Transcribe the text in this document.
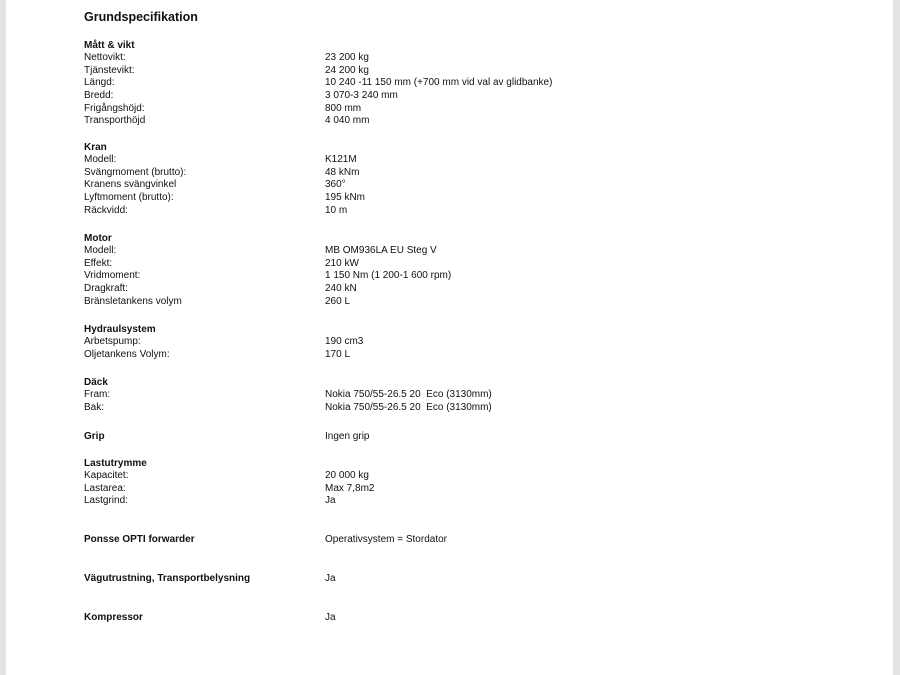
Grundspecifikation
Mått & vikt
Nettovikt:	23 200 kg
Tjänstevikt:	24 200 kg
Längd:	10 240 -11 150 mm (+700 mm vid val av glidbanke)
Bredd:	3 070-3 240 mm
Frigångshöjd:	800 mm
Transporthöjd	4 040 mm
Kran
Modell:	K121M
Svängmoment (brutto):	48 kNm
Kranens svängvinkel	360°
Lyftmoment (brutto):	195 kNm
Räckvidd:	10 m
Motor
Modell:	MB OM936LA EU Steg V
Effekt:	210 kW
Vridmoment:	1 150 Nm (1 200-1 600 rpm)
Dragkraft:	240 kN
Bränsletankens volym	260 L
Hydraulsystem
Arbetspump:	190 cm3
Oljetankens Volym:	170 L
Däck
Fram:	Nokia 750/55-26.5 20  Eco (3130mm)
Bak:	Nokia 750/55-26.5 20  Eco (3130mm)
Grip	Ingen grip
Lastutrymme
Kapacitet:	20 000 kg
Lastarea:	Max 7,8m2
Lastgrind:	Ja
Ponsse OPTI forwarder	Operativsystem = Stordator
Vägutrustning, Transportbelysning	Ja
Kompressor	Ja
